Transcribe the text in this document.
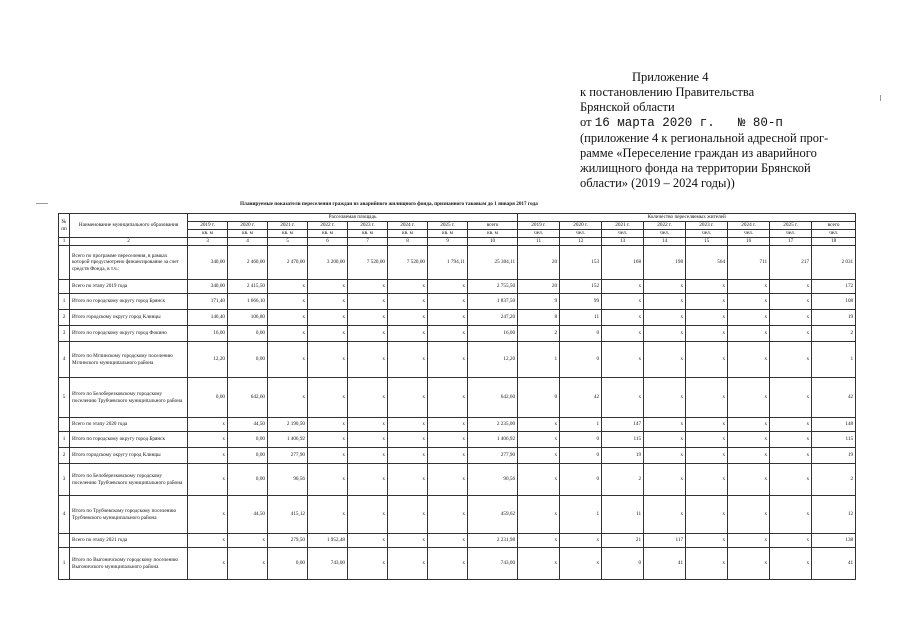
Приложение 4
к постановлению Правительства
Брянской области
от 16 марта 2020 г. № 80-п
(приложение 4 к региональной адресной прог-
рамме «Переселение граждан из аварийного
жилищного фонда на территории Брянской
области» (2019 – 2024 годы))
Планируемые показатели переселения граждан из аварийного жилищного фонда, признанного таковым до 1 января 2017 года
№
пп	Наименование муниципального образования	Расселяемая площадь								Количество переселяемых жителей							
		2019 г.	2020 г.	2021 г.	2022 г.	2023 г.	2024 г.	2025 г.	всего	2019 г.	2020 г.	2021 г.	2022 г.	2023 г.	2024 г.	2025 г.	всего
		кв. м	кв. м	кв. м	кв. м	кв. м	кв. м	кв. м	кв. м	чел.	чел.	чел.	чел.	чел.	чел.	чел.	чел.
1	2	3	4	5	6	7	8	9	10	11	12	13	14	15	16	17	18
	Всего по программе переселения, в рамках которой предусмотрено финансирование за счет средств Фонда, в т.ч.:	340,00	2 460,00	2 470,00	3 200,00	7 520,00	7 520,00	1 794,11	25 304,11	20	153	168	198	564	711	217	2 031
	Всего по этапу 2019 года	340,00	2 415,50	x	x	x	x	x	2 755,50	20	152	x	x	x	x	x	172
1	Итого по городскому округу город Брянск	171,40	1 666,10	x	x	x	x	x	1 837,50	9	99	x	x	x	x	x	108
2	Итого городскому округу город Клинцы	140,40	106,80	x	x	x	x	x	247,20	8	11	x	x	x	x	x	19
3	Итого по городскому округу город Фокино	16,00	0,00	x	x	x	x	x	16,00	2	0	x	x	x	x	x	2
4	Итого по Мглинскому городскому поселению Мглинского муниципального района	12,20	0,00	x	x	x	x	x	12,20	1	0	x	x	x	x	x	1
5	Итого по Белоберезковскому городскому поселению Трубчевского муниципального района	0,00	642,60	x	x	x	x	x	642,60	0	42	x	x	x	x	x	42
	Всего по этапу 2020 года	x	44,50	2 190,50	x	x	x	x	2 235,00	x	1	147	x	x	x	x	148
1	Итого по городскому округу город Брянск	x	0,00	1 406,92	x	x	x	x	1 406,92	x	0	115	x	x	x	x	115
2	Итого городскому округу город Клинцы	x	0,00	277,90	x	x	x	x	277,90	x	0	19	x	x	x	x	19
3	Итого по Белоберезковскому городскому поселению Трубчевского муниципального района	x	0,00	90,56	x	x	x	x	90,56	x	0	2	x	x	x	x	2
4	Итого по Трубчевскому городскому поселению Трубчевского муниципального района	x	44,50	415,12	x	x	x	x	459,62	x	1	11	x	x	x	x	12
	Всего по этапу 2021 года	x	x	279,50	1 952,48	x	x	x	2 231,98	x	x	21	117	x	x	x	138
1	Итого по Выгоничскому городскому поселению Выгоничского муниципального района	x	x	0,00	743,00	x	x	x	743,00	x	x	0	41	x	x	x	41
